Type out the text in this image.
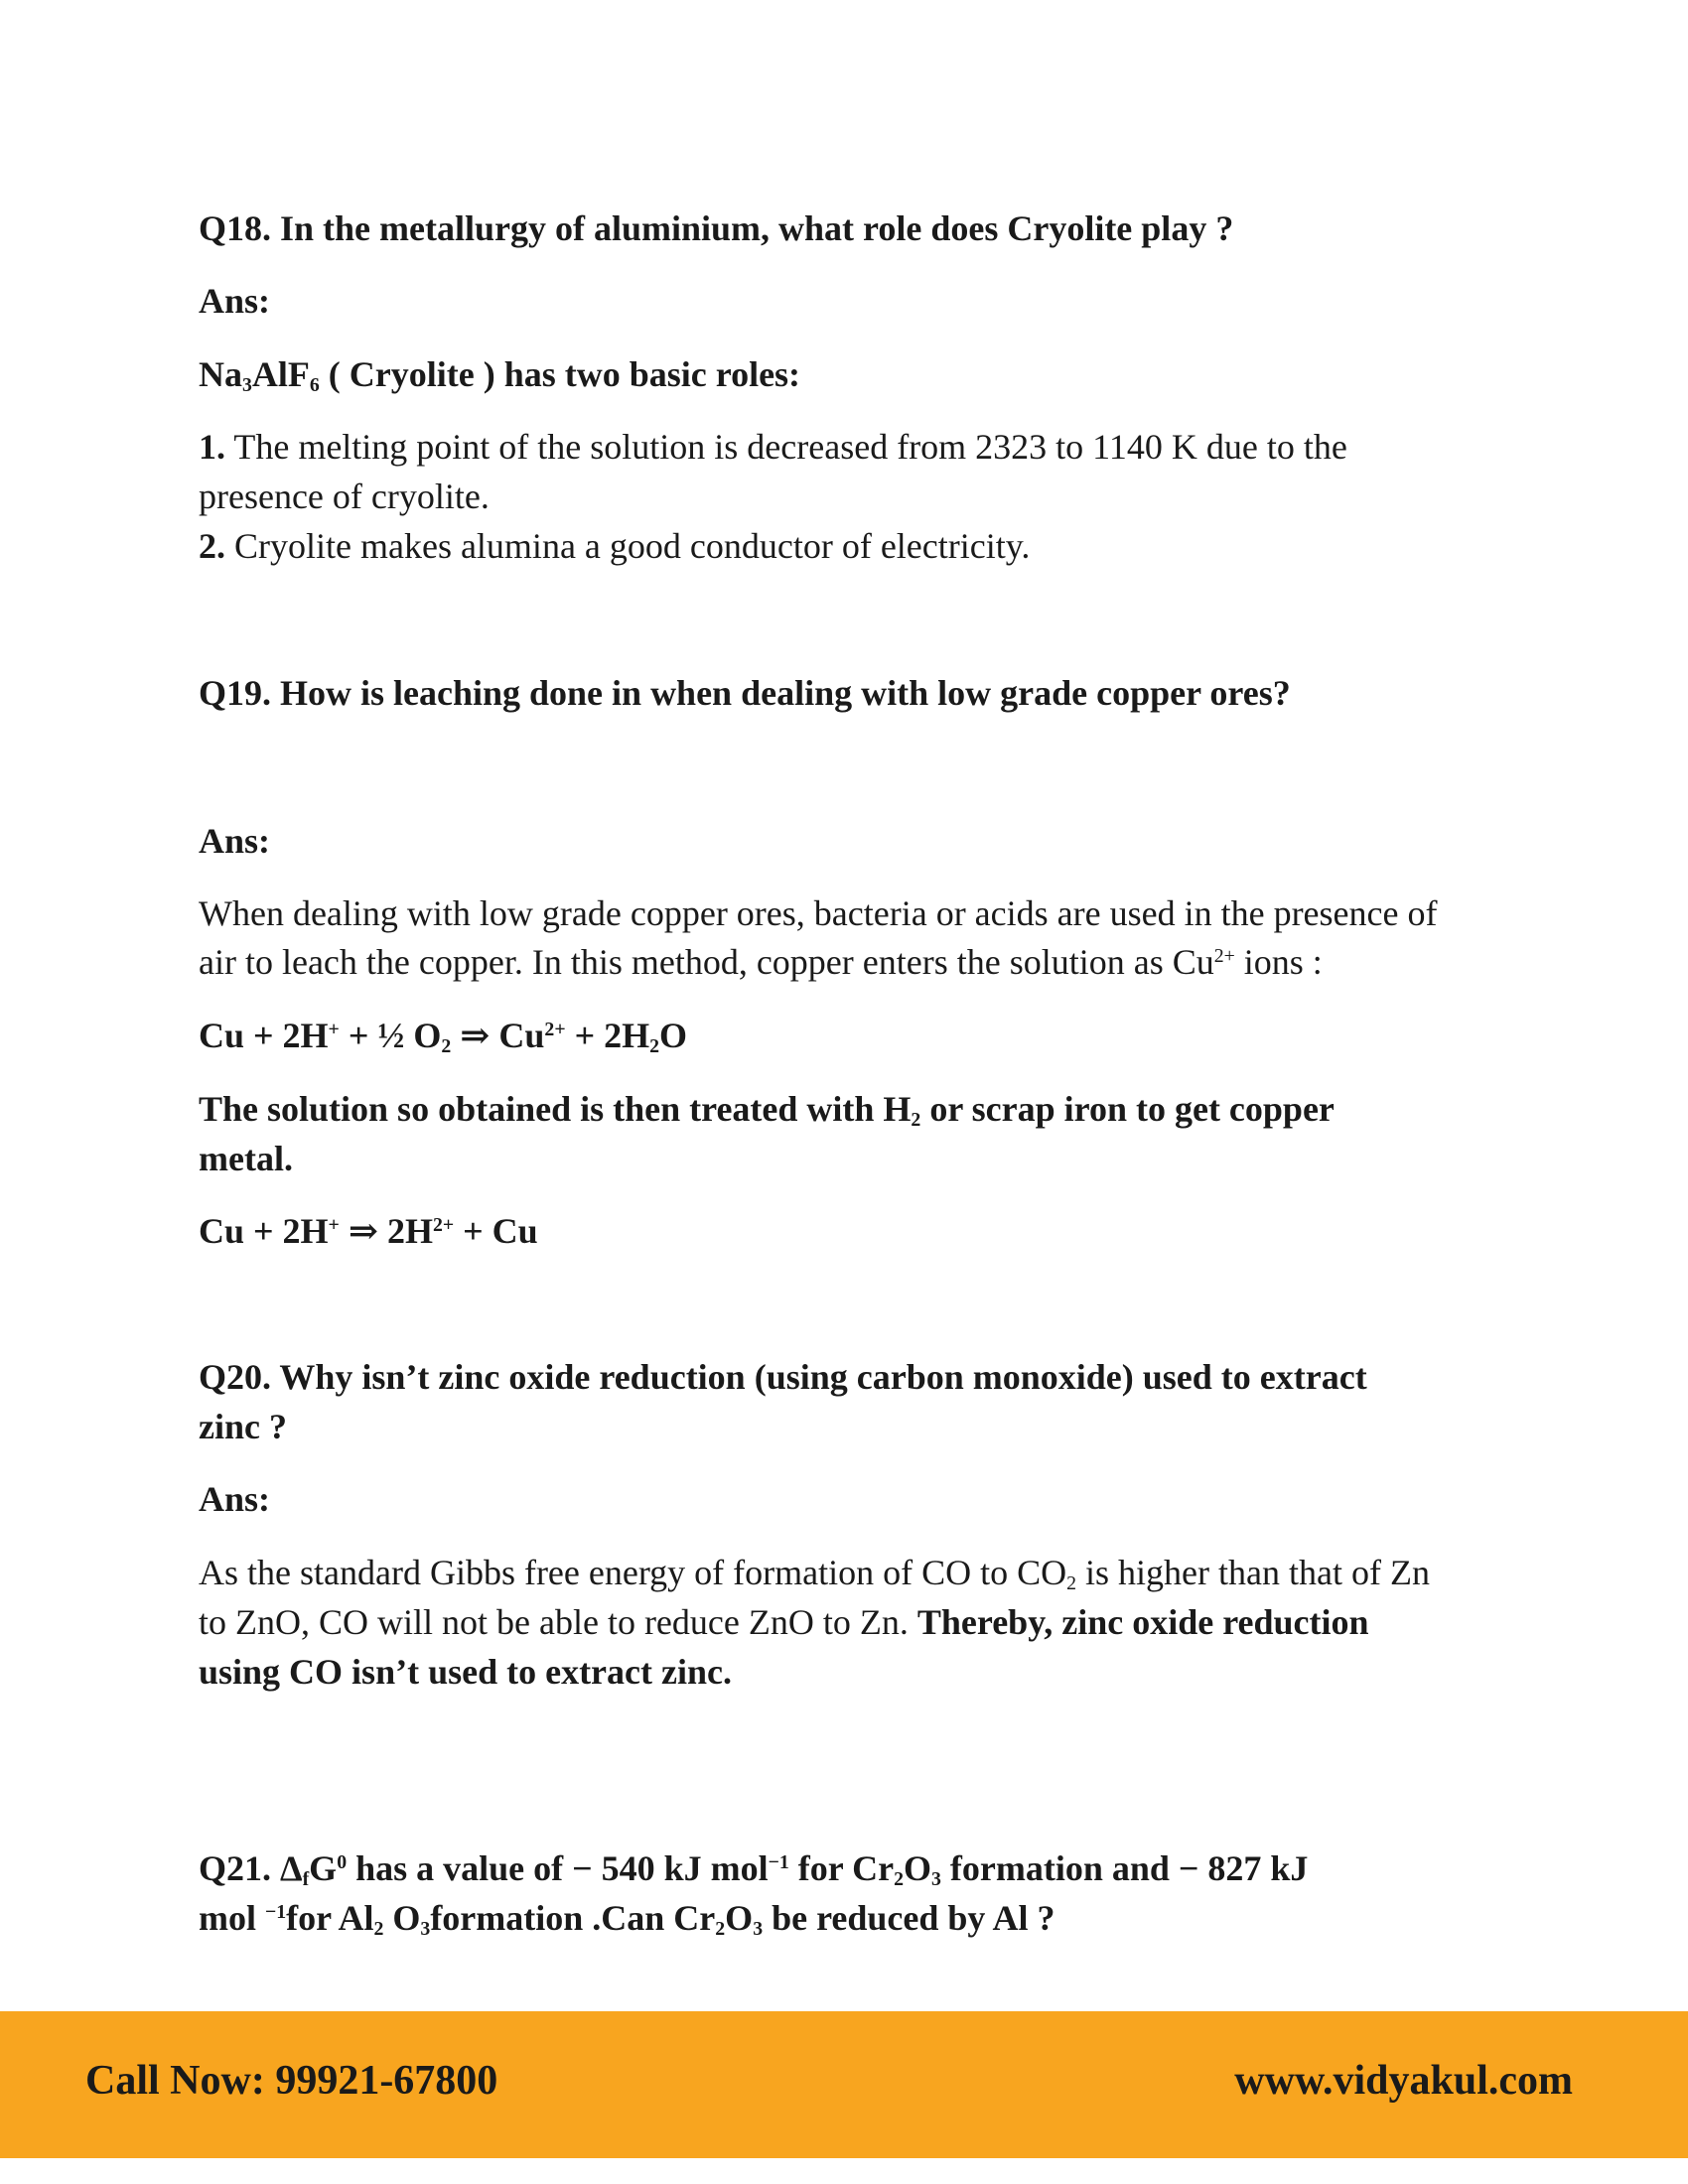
Q18. In the metallurgy of aluminium, what role does Cryolite play ?
Ans:
$Na_3AlF_6$ ( Cryolite ) has two basic roles:
1. The melting point of the solution is decreased from 2323 to 1140 K due to the
presence of cryolite.
2. Cryolite makes alumina a good conductor of electricity.
Q19. How is leaching done in when dealing with low grade copper ores?
Ans:
When dealing with low grade copper ores, bacteria or acids are used in the presence of
air to leach the copper. In this method, copper enters the solution as $Cu^{2+}$ ions :
Cu + 2H+ + ½ $O_2$ ⇒ $Cu^{2+} + 2H_2O$
The solution so obtained is then treated with $H_2$ or scrap iron to get copper
metal.
Cu + 2H+ ⇒ $2H^{2+} + Cu$
Q20. Why isn’t zinc oxide reduction (using carbon monoxide) used to extract
zinc ?
Ans:
As the standard Gibbs free energy of formation of CO to $CO_2$ is higher than that of Zn
to ZnO, CO will not be able to reduce ZnO to Zn. Thereby, zinc oxide reduction
using CO isn’t used to extract zinc.
Q21. $\Delta_fG^0$ has a value of − 540 kJ mol$^{-1}$ for $Cr_2O_3$ formation and − 827 kJ
mol $^{-1}$for $Al_2$ $O_3formation$ .Can $Cr_2O_3$ be reduced by Al ?
Call Now: 99921-67800	www.vidyakul.com
